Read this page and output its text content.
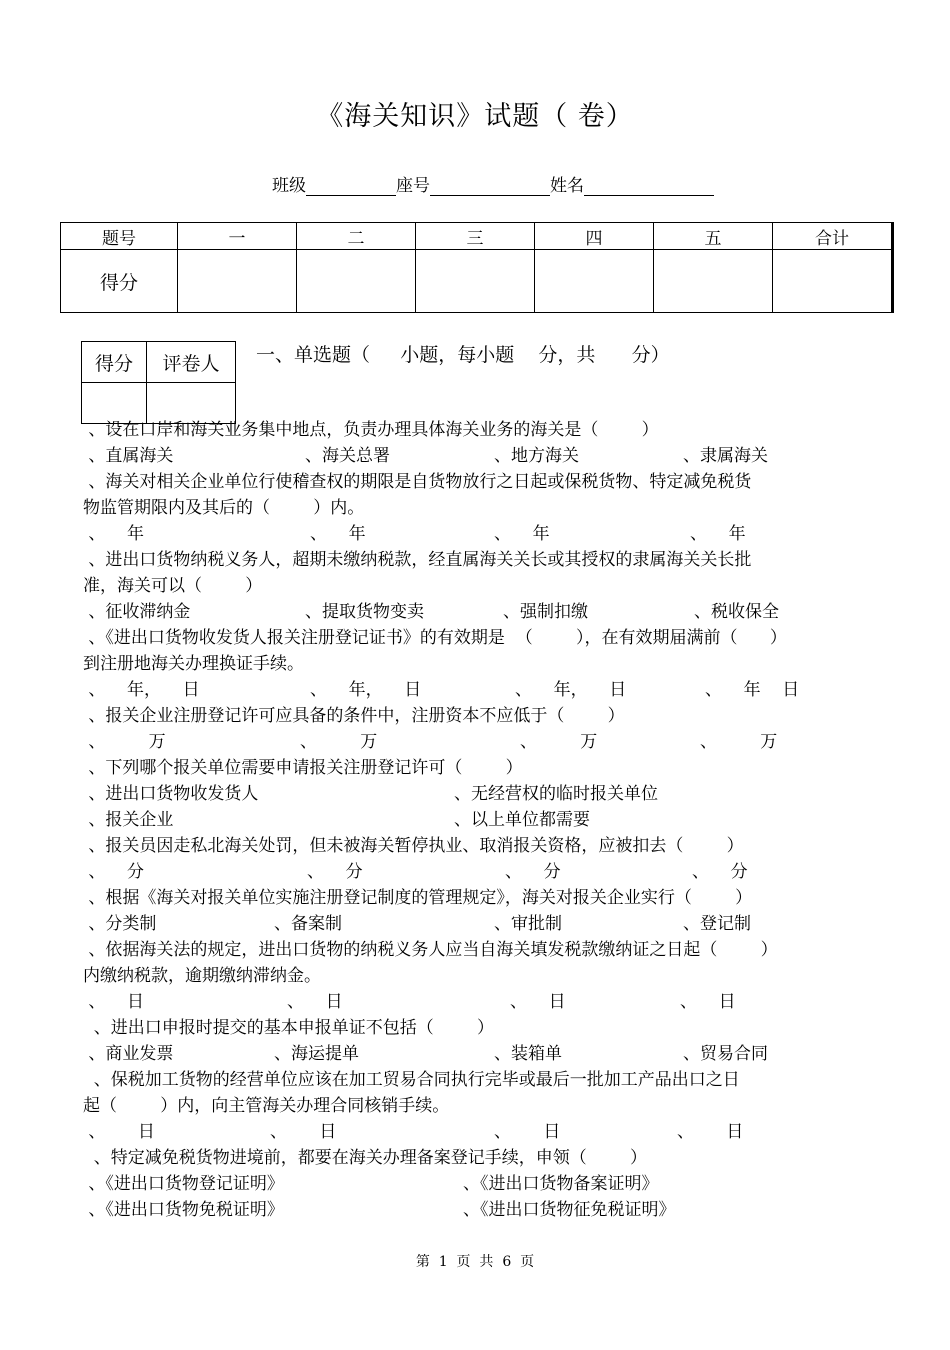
《海关知识》试题（ 卷）
班级	座号	姓名
题号	一	二	三	四	五	合计
得分						
得分	评卷人
	一、单选题（     小题，每小题    分，共      分）
、设在口岸和海关业务集中地点，负责办理具体海关业务的海关是（        ）
、海关对相关企业单位行使稽查权的期限是自货物放行之日起或保税货物、特定减免税货
物监管期限内及其后的（        ）内。
、进出口货物纳税义务人，超期未缴纳税款，经直属海关关长或其授权的隶属海关关长批
准，海关可以（        ）
、《进出口货物收发货人报关注册登记证书》的有效期是  （        ），在有效期届满前（      ）
到注册地海关办理换证手续。
、报关企业注册登记许可应具备的条件中，注册资本不应低于（        ）
、下列哪个报关单位需要申请报关注册登记许可（        ）
、报关员因走私北海关处罚，但未被海关暂停执业、取消报关资格，应被扣去（        ）
、根据《海关对报关单位实施注册登记制度的管理规定》，海关对报关企业实行（        ）
、依据海关法的规定，进出口货物的纳税义务人应当自海关填发税款缴纳证之日起（        ）
内缴纳税款，逾期缴纳滞纳金。
、进出口申报时提交的基本申报单证不包括（        ）
、保税加工货物的经营单位应该在加工贸易合同执行完毕或最后一批加工产品出口之日
起（        ）内，向主管海关办理合同核销手续。
、特定减免税货物进境前，都要在海关办理备案登记手续，申领（        ）
、直属海关	、海关总署	、地方海关	、隶属海关
、    年	、    年	、    年	、    年
、征收滞纳金	、提取货物变卖	、强制扣缴	、税收保全
、    年，    日	、    年，    日	、    年，    日	、    年    日
、        万	、        万	、        万	、        万
、进出口货物收发货人	、无经营权的临时报关单位
、报关企业	、以上单位都需要
、    分	、    分	、    分	、    分
、分类制	、备案制	、审批制	、登记制
、    日	、    日	、    日	、    日
、商业发票	、海运提单	、装箱单	、贸易合同
、      日	、      日	、      日	、      日
、《进出口货物登记证明》	、《进出口货物备案证明》
、《进出口货物免税证明》	、《进出口货物征免税证明》
第  1  页  共  6  页
